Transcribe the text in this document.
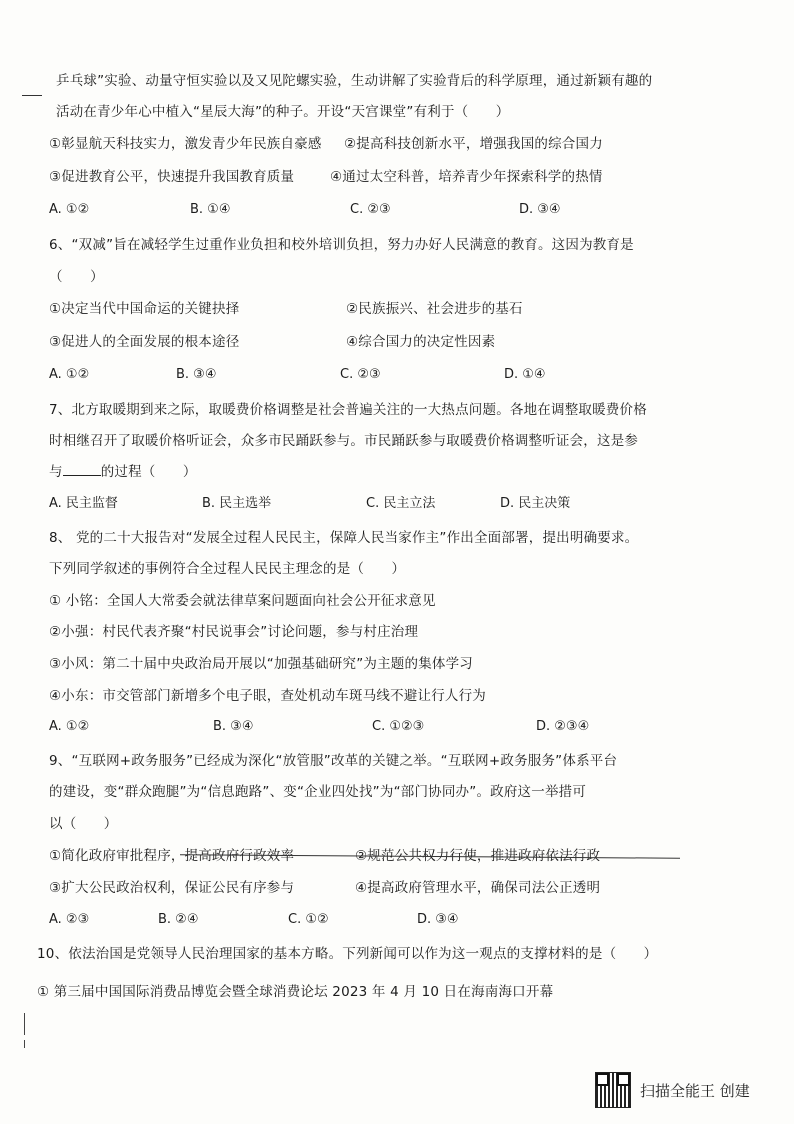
乒乓球”实验、动量守恒实验以及又见陀螺实验，生动讲解了实验背后的科学原理，通过新颖有趣的
活动在青少年心中植入“星辰大海”的种子。开设“天宫课堂”有利于（　　）
①彰显航天科技实力，激发青少年民族自豪感 ②提高科技创新水平，增强我国的综合国力
③促进教育公平，快速提升我国教育质量	④通过太空科普，培养青少年探索科学的热情
A. ①②	B. ①④	C. ②③	D. ③④
6、“双减”旨在减轻学生过重作业负担和校外培训负担，努力办好人民满意的教育。这因为教育是
（　　）
①决定当代中国命运的关键抉择	②民族振兴、社会进步的基石
③促进人的全面发展的根本途径	④综合国力的决定性因素
A. ①②	B. ③④	C. ②③	D. ①④
7、北方取暖期到来之际，取暖费价格调整是社会普遍关注的一大热点问题。各地在调整取暖费价格
时相继召开了取暖价格听证会，众多市民踊跃参与。市民踊跃参与取暖费价格调整听证会，这是参
与	的过程（　　）
A. 民主监督	B. 民主选举	C. 民主立法	D. 民主决策
8、 党的二十大报告对“发展全过程人民民主，保障人民当家作主”作出全面部署，提出明确要求。
下列同学叙述的事例符合全过程人民民主理念的是（　　）
① 小铭：全国人大常委会就法律草案问题面向社会公开征求意见
②小强：村民代表齐聚“村民说事会”讨论问题，参与村庄治理
③小风：第二十届中央政治局开展以“加强基础研究”为主题的集体学习
④小东：市交管部门新增多个电子眼，查处机动车斑马线不避让行人行为
A. ①②	B. ③④	C. ①②③	D. ②③④
9、“互联网+政务服务”已经成为深化“放管服”改革的关键之举。“互联网+政务服务”体系平台
的建设，变“群众跑腿”为“信息跑路”、变“企业四处找”为“部门协同办”。政府这一举措可
以（　　）
①简化政府审批程序，提高政府行政效率	②规范公共权力行使，推进政府依法行政
③扩大公民政治权利，保证公民有序参与	④提高政府管理水平，确保司法公正透明
A. ②③	B. ②④	C. ①②	D. ③④
10、依法治国是党领导人民治理国家的基本方略。下列新闻可以作为这一观点的支撑材料的是（　　）
① 第三届中国国际消费品博览会暨全球消费论坛 2023 年 4 月 10 日在海南海口开幕
扫描全能王 创建
